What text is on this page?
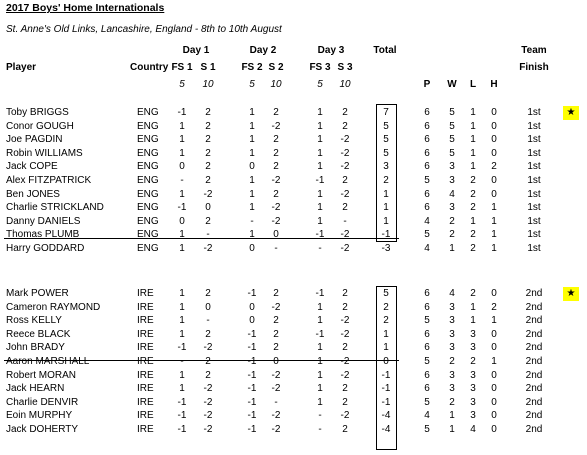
2017 Boys' Home Internationals
St. Anne's Old Links, Lancashire, England - 8th to 10th August
Day 1	Day 2	Day 3	Total	Team
Player	Country FS 1 S 1	FS 2 S 2	FS 3 S 3	Finish
5 10	5 10	5 10	P W L H
Toby BRIGGS	ENG -1 2	1 2	1 2	7	6 5 1 0	1st	★
Conor GOUGH	ENG 1 2	1 -2	1 2	5	6 5 1 0	1st
Joe PAGDIN	ENG 1 2	1 2	1 -2	5	6 5 1 0	1st
Robin WILLIAMS	ENG 1 2	1 2	1 -2	5	6 5 1 0	1st
Jack COPE	ENG 0 2	0 2	1 -2	3	6 3 1 2	1st
Alex FITZPATRICK	ENG - 2	1 -2	-1 2	2	5 3 2 0	1st
Ben JONES	ENG 1 -2	1 2	1 -2	1	6 4 2 0	1st
Charlie STRICKLAND	ENG -1 0	1 -2	1 2	1	6 3 2 1	1st
Danny DANIELS	ENG 0 2	- -2	1 -	1	4 2 1 1	1st
Thomas PLUMB	ENG 1 -	1 0	-1 -2	-1	5 2 2 1	1st
Harry GODDARD	ENG 1 -2	0 -	- -2	-3	4 1 2 1	1st
Mark POWER	IRE	1 2	-1 2	-1 2	5	6 4 2 0	2nd	★
Cameron RAYMOND	IRE	1 0	0 -2	1 2	2	6 3 1 2	2nd
Ross KELLY	IRE	1 -	0 2	1 -2	2	5 3 1 1	2nd
Reece BLACK	IRE	1 2	-1 2	-1 -2	1	6 3 3 0	2nd
John BRADY	IRE -1 -2	-1 2	1 2	1	6 3 3 0	2nd
Aaron MARSHALL	IRE	- 2	-1 0	1 -2	0	5 2 2 1	2nd
Robert MORAN	IRE	1 2	-1 -2	1 -2	-1	6 3 3 0	2nd
Jack HEARN	IRE	1 -2	-1 -2	1 2	-1	6 3 3 0	2nd
Charlie DENVIR	IRE -1 -2	-1 -	1 2	-1	5 2 3 0	2nd
Eoin MURPHY	IRE -1 -2	-1 -2	- -2	-4	4 1 3 0	2nd
Jack DOHERTY	IRE -1 -2	-1 -2	- 2	-4	5 1 4 0	2nd
